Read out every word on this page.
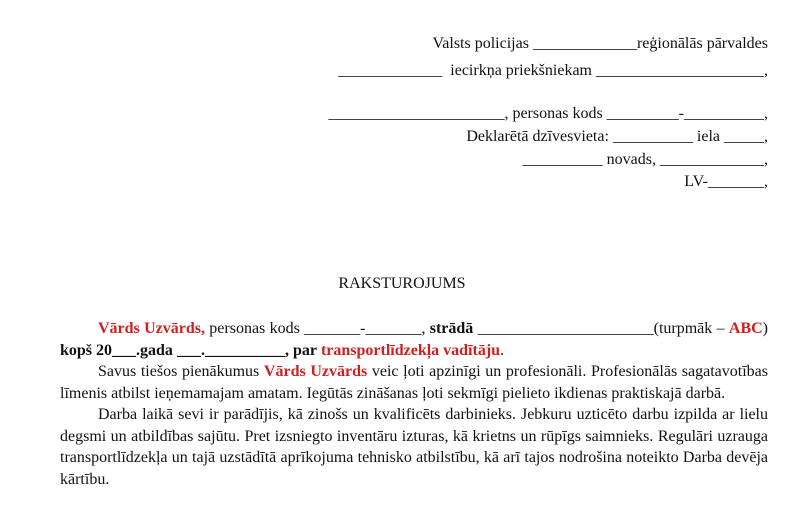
Valsts policijas _____________reģionālās pārvaldes
_____________  iecirkņa priekšniekam _____________________,
______________________, personas kods _________-__________,
Deklarētā dzīvesvieta: __________ iela _____,
__________ novads, _____________,
LV-_______,
RAKSTUROJUMS

Vārds Uzvārds, personas kods _______-_______, strādā ______________________(turpmāk – ABC) kopš 20___.gada ___.__________, par transportlīdzekļa vadītāju.

Savus tiešos pienākumus Vārds Uzvārds veic ļoti apzinīgi un profesionāli. Profesionālās sagatavotības līmenis atbilst ieņemamajam amatam. Iegūtās zināšanas ļoti sekmīgi pielieto ikdienas praktiskajā darbā.

Darba laikā sevi ir parādījis, kā zinošs un kvalificēts darbinieks. Jebkuru uzticēto darbu izpilda ar lielu degsmi un atbildības sajūtu. Pret izsniegto inventāru izturas, kā krietns un rūpīgs saimnieks. Regulāri uzrauga transportlīdzekļa un tajā uzstādītā aprīkojuma tehnisko atbilstību, kā arī tajos nodrošina noteikto Darba devēja kārtību.
